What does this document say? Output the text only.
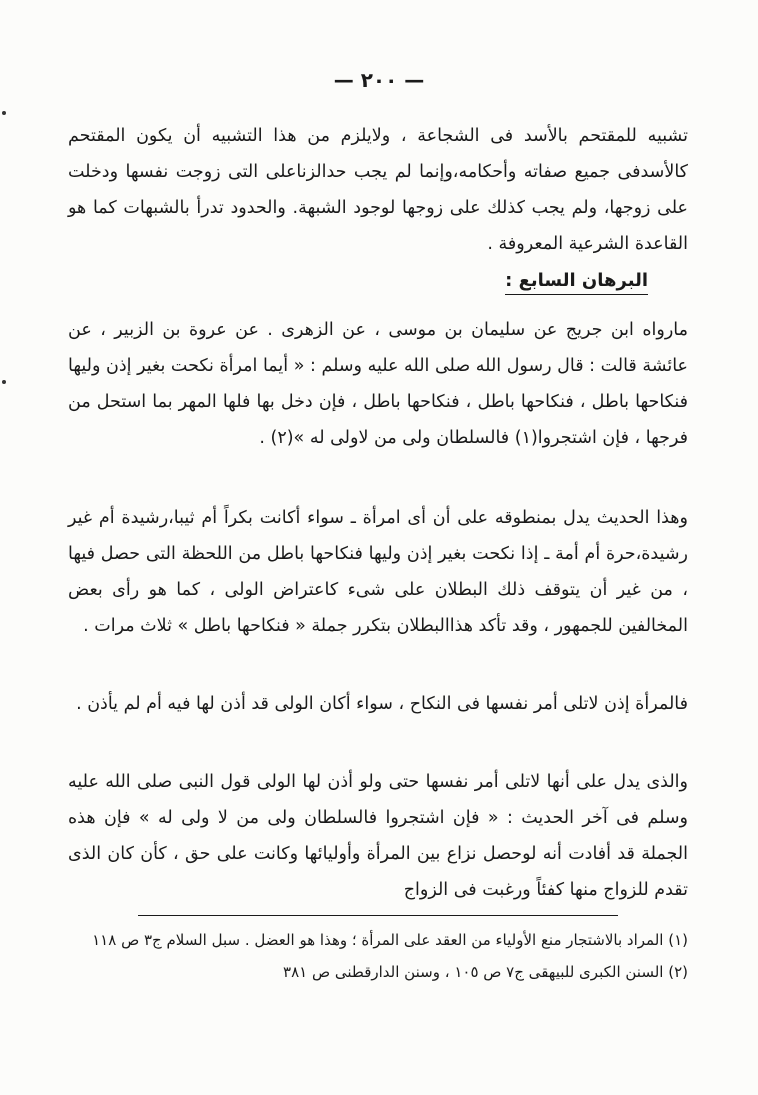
— ٢٠٠ —

تشبيه للمقتحم بالأسد فى الشجاعة ، ولايلزم من هذا التشبيه أن يكون المقتحم كالأسدفى جميع صفاته وأحكامه،وإنما لم يجب حدالزناعلى التى زوجت نفسها ودخلت على زوجها، ولم يجب كذلك على زوجها لوجود الشبهة. والحدود تدرأ بالشبهات كما هو القاعدة الشرعية المعروفة .

البرهان السابع :

مارواه ابن جريج عن سليمان بن موسى ، عن الزهرى . عن عروة بن الزبير ، عن عائشة قالت : قال رسول الله صلى الله عليه وسلم : « أيما امرأة نكحت بغير إذن وليها فنكاحها باطل ، فنكاحها باطل ، فنكاحها باطل ، فإن دخل بها فلها المهر بما استحل من فرجها ، فإن اشتجروا(١) فالسلطان ولى من لاولى له »(٢) .

وهذا الحديث يدل بمنطوقه على أن أى امرأة ـ سواء أكانت بكراً أم ثيبا،رشيدة أم غير رشيدة،حرة أم أمة ـ إذا نكحت بغير إذن وليها فنكاحها باطل من اللحظة التى حصل فيها ، من غير أن يتوقف ذلك البطلان على شىء كاعتراض الولى ، كما هو رأى بعض المخالفين للجمهور ، وقد تأكد هذاالبطلان بتكرر جملة « فنكاحها باطل » ثلاث مرات .

فالمرأة إذن لاتلى أمر نفسها فى النكاح ، سواء أكان الولى قد أذن لها فيه أم لم يأذن .

والذى يدل على أنها لاتلى أمر نفسها حتى ولو أذن لها الولى قول النبى صلى الله عليه وسلم فى آخر الحديث : « فإن اشتجروا فالسلطان ولى من لا ولى له » فإن هذه الجملة قد أفادت أنه لوحصل نزاع بين المرأة وأوليائها وكانت على حق ، كأن كان الذى تقدم للزواج منها كفئاً ورغبت فى الزواج

(١) المراد بالاشتجار منع الأولياء من العقد على المرأة ؛ وهذا هو العضل . سبل السلام ج٣ ص ١١٨

(٢) السنن الكبرى للبيهقى ج٧ ص ١٠٥ ، وسنن الدارقطنى ص ٣٨١
